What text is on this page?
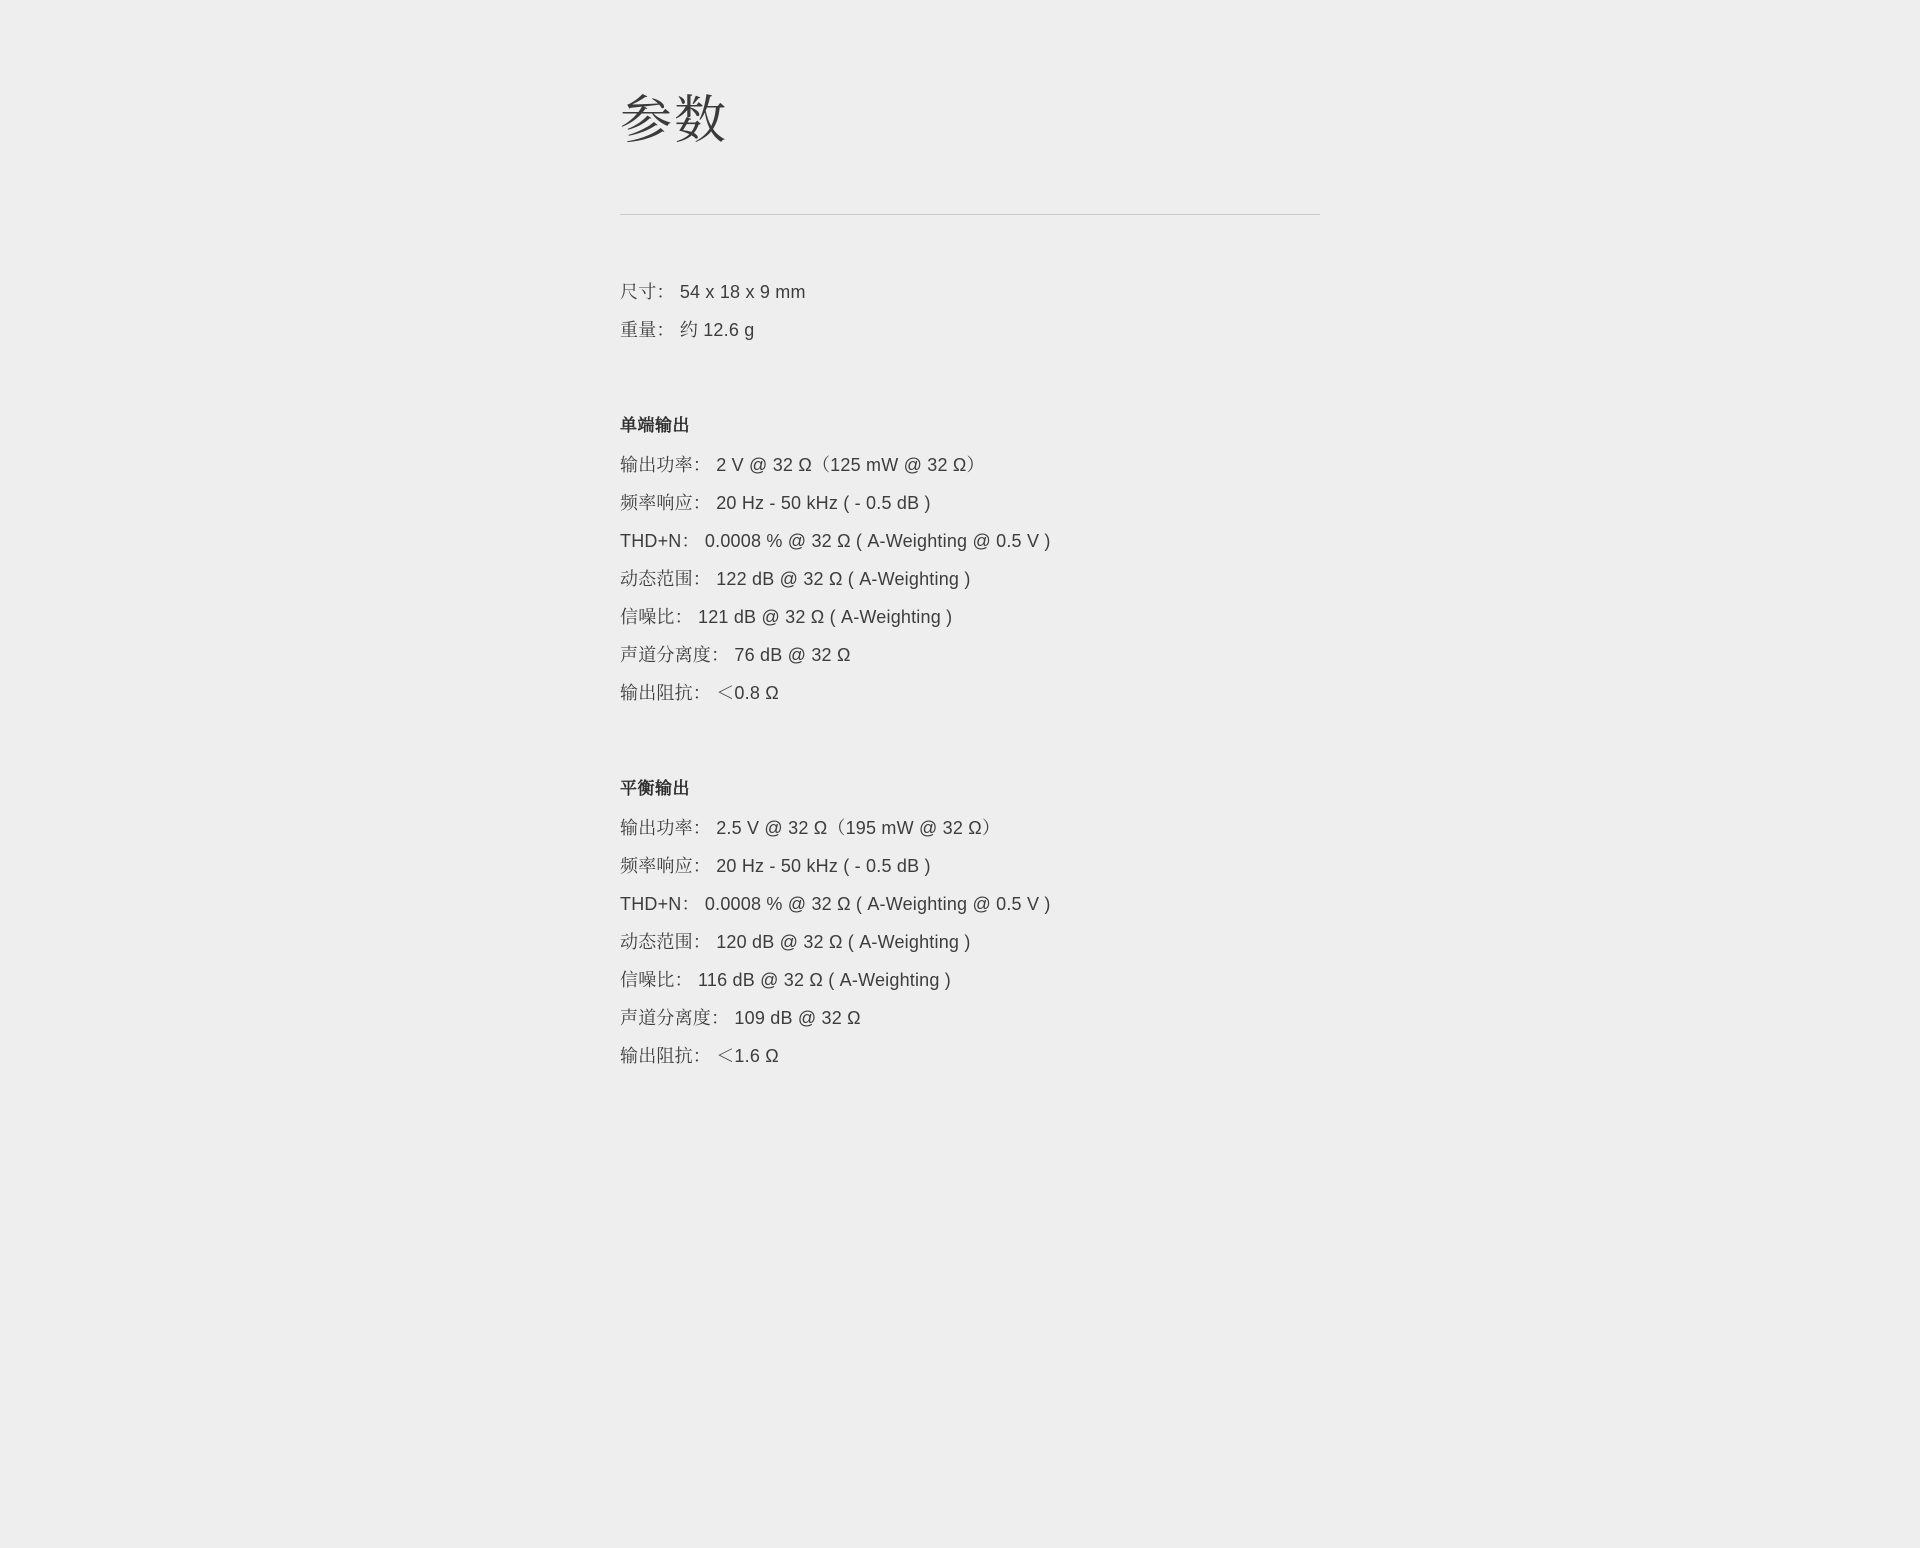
参数
尺寸： 54 x 18 x 9 mm
重量： 约 12.6 g
单端输出
输出功率： 2 V @ 32 Ω（125 mW @ 32 Ω）
频率响应： 20 Hz - 50 kHz ( - 0.5 dB )
THD+N： 0.0008 % @ 32 Ω ( A-Weighting @ 0.5 V )
动态范围： 122 dB @ 32 Ω ( A-Weighting )
信噪比： 121 dB @ 32 Ω ( A-Weighting )
声道分离度： 76 dB @ 32 Ω
输出阻抗： ＜0.8 Ω
平衡输出
输出功率： 2.5 V @ 32 Ω（195 mW @ 32 Ω）
频率响应： 20 Hz - 50 kHz ( - 0.5 dB )
THD+N： 0.0008 % @ 32 Ω ( A-Weighting @ 0.5 V )
动态范围： 120 dB @ 32 Ω ( A-Weighting )
信噪比： 116 dB @ 32 Ω ( A-Weighting )
声道分离度： 109 dB @ 32 Ω
输出阻抗： ＜1.6 Ω
